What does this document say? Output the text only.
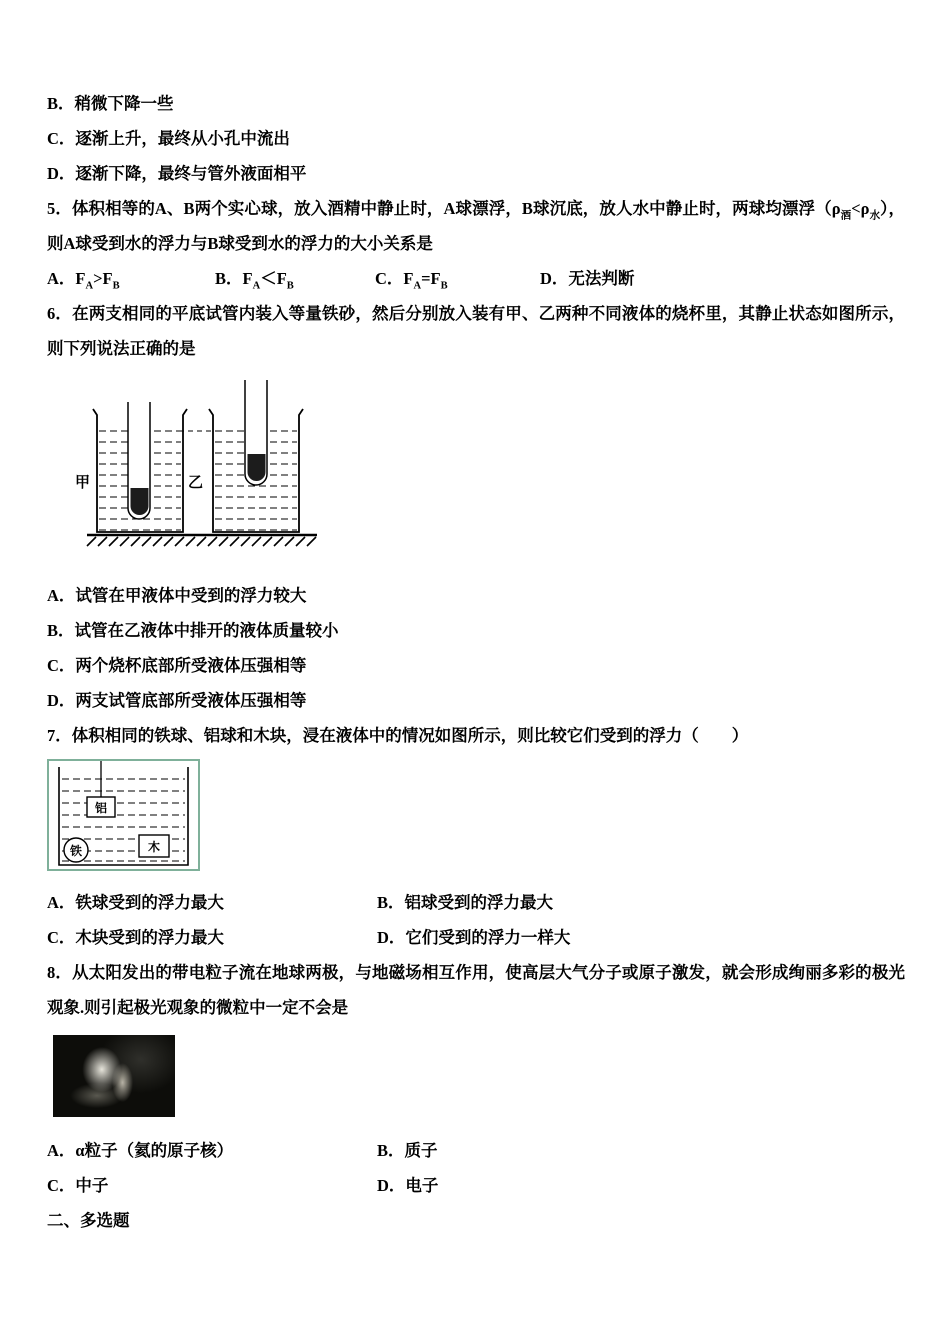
B．稍微下降一些
C．逐渐上升，最终从小孔中流出
D．逐渐下降，最终与管外液面相平

5．体积相等的A、B两个实心球，放入酒精中静止时，A球漂浮，B球沉底，放人水中静止时，两球均漂浮$(\rho_酒<\rho_水)$，则A球受到水的浮力与B球受到水的浮力的大小关系是

A．$F_A>F_B$	B．$F_A<F_B$	C．$F_A=F_B$	D．无法判断

6．在两支相同的平底试管内装入等量铁砂，然后分别放入装有甲、乙两种不同液体的烧杯里，其静止状态如图所示，则下列说法正确的是

甲	乙
A．试管在甲液体中受到的浮力较大
B．试管在乙液体中排开的液体质量较小
C．两个烧杯底部所受液体压强相等
D．两支试管底部所受液体压强相等

7．体积相同的铁球、铝球和木块，浸在液体中的情况如图所示，则比较它们受到的浮力（　　）

铝
铁	木
A．铁球受到的浮力最大	B．铝球受到的浮力最大
C．木块受到的浮力最大	D．它们受到的浮力一样大

8．从太阳发出的带电粒子流在地球两极，与地磁场相互作用，使高层大气分子或原子激发，就会形成绚丽多彩的极光观象.则引起极光观象的微粒中一定不会是

A．α粒子（氦的原子核）	B．质子
C．中子	D．电子
二、多选题
